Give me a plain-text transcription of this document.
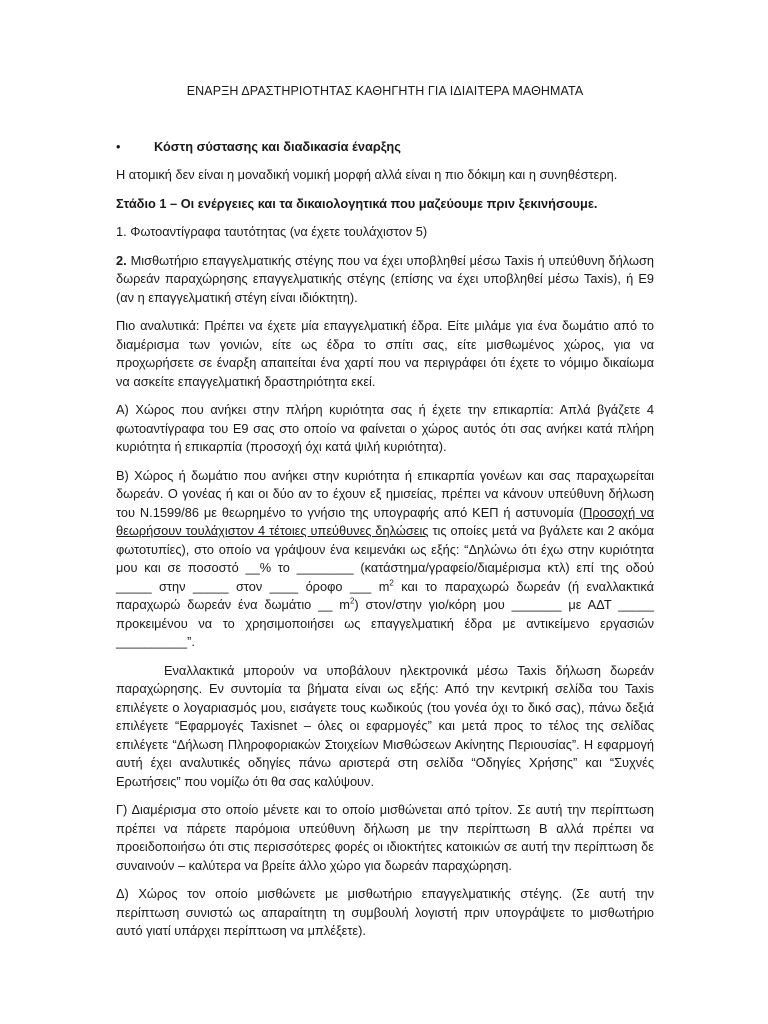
ΕΝΑΡΞΗ ΔΡΑΣΤΗΡΙΟΤΗΤΑΣ ΚΑΘΗΓΗΤΗ ΓΙΑ ΙΔΙΑΙΤΕΡΑ ΜΑΘΗΜΑΤΑ
•	Κόστη σύστασης και διαδικασία έναρξης

Η ατομική δεν είναι η μοναδική νομική μορφή αλλά είναι η πιο δόκιμη και η συνηθέστερη.

Στάδιο 1 – Οι ενέργειες και τα δικαιολογητικά που μαζεύουμε πριν ξεκινήσουμε.

1. Φωτοαντίγραφα ταυτότητας (να έχετε τουλάχιστον 5)

2. Μισθωτήριο επαγγελματικής στέγης που να έχει υποβληθεί μέσω Taxis ή υπεύθυνη δήλωση δωρεάν παραχώρησης επαγγελματικής στέγης (επίσης να έχει υποβληθεί μέσω Taxis), ή Ε9 (αν η επαγγελματική στέγη είναι ιδιόκτητη).

Πιο αναλυτικά: Πρέπει να έχετε μία επαγγελματική έδρα. Είτε μιλάμε για ένα δωμάτιο από το διαμέρισμα των γονιών, είτε ως έδρα το σπίτι σας, είτε μισθωμένος χώρος, για να προχωρήσετε σε έναρξη απαιτείται ένα χαρτί που να περιγράφει ότι έχετε το νόμιμο δικαίωμα να ασκείτε επαγγελματική δραστηριότητα εκεί.

Α) Χώρος που ανήκει στην πλήρη κυριότητα σας ή έχετε την επικαρπία: Απλά βγάζετε 4 φωτοαντίγραφα του Ε9 σας στο οποίο να φαίνεται ο χώρος αυτός ότι σας ανήκει κατά πλήρη κυριότητα ή επικαρπία (προσοχή όχι κατά ψιλή κυριότητα).

Β) Χώρος ή δωμάτιο που ανήκει στην κυριότητα ή επικαρπία γονέων και σας παραχωρείται δωρεάν. Ο γονέας ή και οι δύο αν το έχουν εξ ημισείας, πρέπει να κάνουν υπεύθυνη δήλωση του Ν.1599/86 με θεωρημένο το γνήσιο της υπογραφής από ΚΕΠ ή αστυνομία (Προσοχή να θεωρήσουν τουλάχιστον 4 τέτοιες υπεύθυνες δηλώσεις τις οποίες μετά να βγάλετε και 2 ακόμα φωτοτυπίες), στο οποίο να γράψουν ένα κειμενάκι ως εξής: “Δηλώνω ότι έχω στην κυριότητα μου και σε ποσοστό __% το ________ (κατάστημα/γραφείο/διαμέρισμα κτλ) επί της οδού _____ στην _____ στον ____ όροφο ___ $m^2$ και το παραχωρώ δωρεάν (ή εναλλακτικά παραχωρώ δωρεάν ένα δωμάτιο __ $m^2$) στον/στην γιο/κόρη μου _______ με ΑΔΤ _____ προκειμένου να το χρησιμοποιήσει ως επαγγελματική έδρα με αντικείμενο εργασιών __________”.

Εναλλακτικά μπορούν να υποβάλουν ηλεκτρονικά μέσω Taxis δήλωση δωρεάν παραχώρησης. Εν συντομία τα βήματα είναι ως εξής: Από την κεντρική σελίδα του Taxis επιλέγετε ο λογαριασμός μου, εισάγετε τους κωδικούς (του γονέα όχι το δικό σας), πάνω δεξιά επιλέγετε “Εφαρμογές Taxisnet – όλες οι εφαρμογές” και μετά προς το τέλος της σελίδας επιλέγετε “Δήλωση Πληροφοριακών Στοιχείων Μισθώσεων Ακίνητης Περιουσίας”. Η εφαρμογή αυτή έχει αναλυτικές οδηγίες πάνω αριστερά στη σελίδα “Οδηγίες Χρήσης” και “Συχνές Ερωτήσεις” που νομίζω ότι θα σας καλύψουν.

Γ) Διαμέρισμα στο οποίο μένετε και το οποίο μισθώνεται από τρίτον. Σε αυτή την περίπτωση πρέπει να πάρετε παρόμοια υπεύθυνη δήλωση με την περίπτωση Β αλλά πρέπει να προειδοποιήσω ότι στις περισσότερες φορές οι ιδιοκτήτες κατοικιών σε αυτή την περίπτωση δε συναινούν – καλύτερα να βρείτε άλλο χώρο για δωρεάν παραχώρηση.

Δ) Χώρος τον οποίο μισθώνετε με μισθωτήριο επαγγελματικής στέγης. (Σε αυτή την περίπτωση συνιστώ ως απαραίτητη τη συμβουλή λογιστή πριν υπογράψετε το μισθωτήριο αυτό γιατί υπάρχει περίπτωση να μπλέξετε).
